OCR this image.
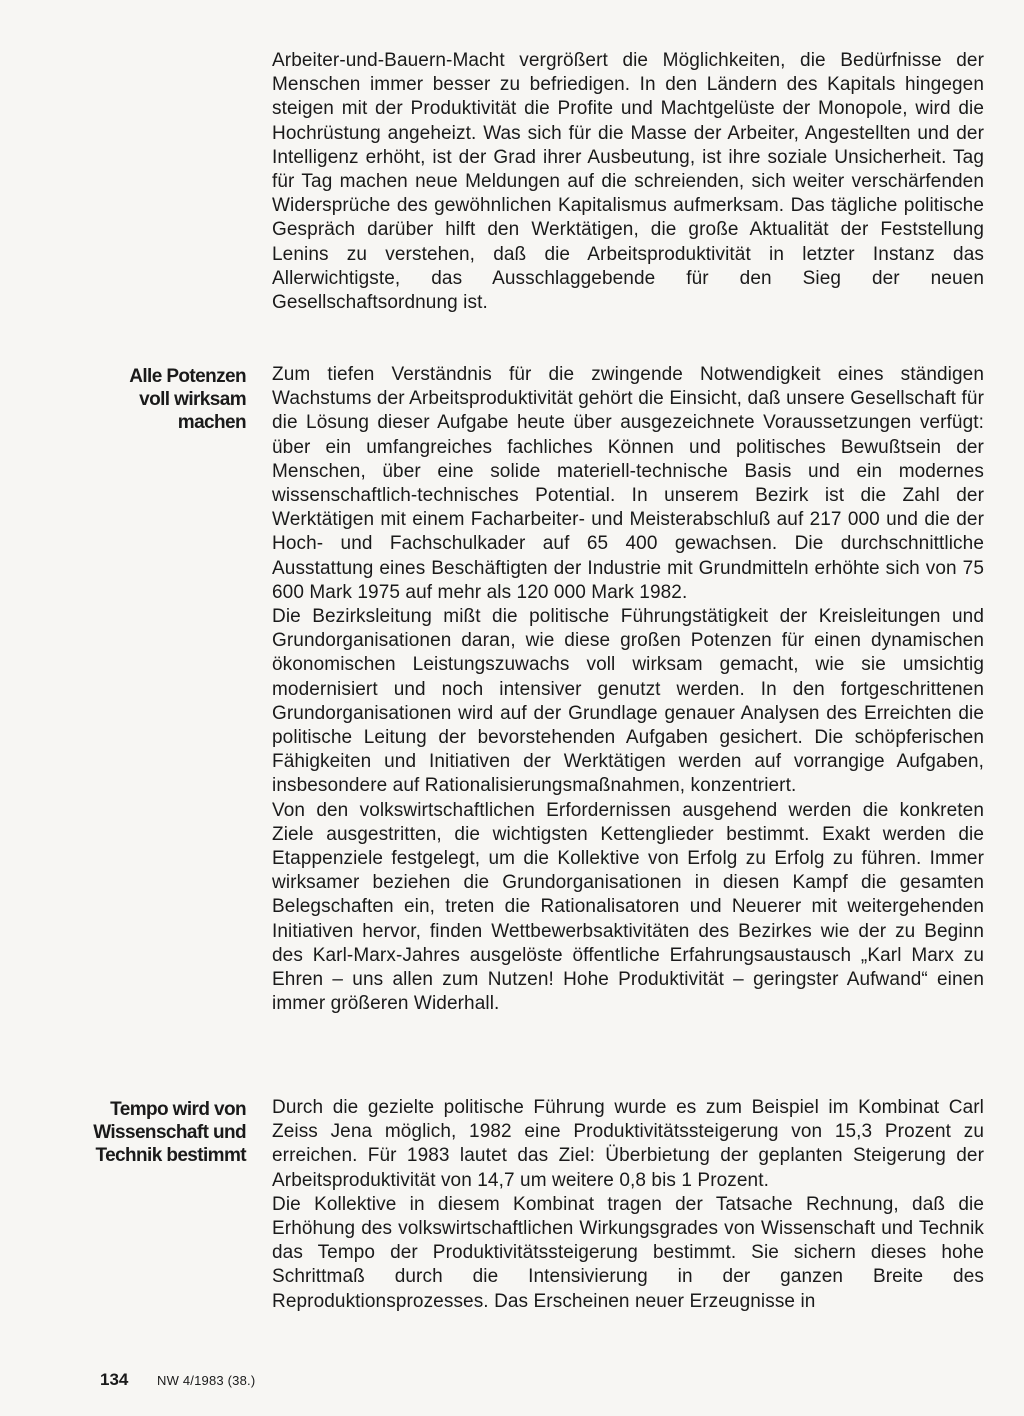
Arbeiter-und-Bauern-Macht vergrößert die Möglichkeiten, die Bedürfnisse der Menschen immer besser zu befriedigen. In den Ländern des Kapitals hingegen steigen mit der Produktivität die Profite und Machtgelüste der Monopole, wird die Hochrüstung angeheizt. Was sich für die Masse der Arbeiter, Angestellten und der Intelligenz erhöht, ist der Grad ihrer Ausbeutung, ist ihre soziale Unsicherheit. Tag für Tag machen neue Meldungen auf die schreienden, sich weiter verschärfenden Widersprüche des gewöhnlichen Kapitalismus aufmerksam. Das tägliche politische Gespräch darüber hilft den Werktätigen, die große Aktualität der Feststellung Lenins zu verstehen, daß die Arbeitsproduktivität in letzter Instanz das Allerwichtigste, das Ausschlaggebende für den Sieg der neuen Gesellschaftsordnung ist.

Alle Potenzen
voll wirksam
machen

Zum tiefen Verständnis für die zwingende Notwendigkeit eines ständigen Wachstums der Arbeitsproduktivität gehört die Einsicht, daß unsere Gesellschaft für die Lösung dieser Aufgabe heute über ausgezeichnete Voraussetzungen verfügt: über ein umfangreiches fachliches Können und politisches Bewußtsein der Menschen, über eine solide materiell-technische Basis und ein modernes wissenschaftlich-technisches Potential. In unserem Bezirk ist die Zahl der Werktätigen mit einem Facharbeiter- und Meisterabschluß auf 217 000 und die der Hoch- und Fachschulkader auf 65 400 gewachsen. Die durchschnittliche Ausstattung eines Beschäftigten der Industrie mit Grundmitteln erhöhte sich von 75 600 Mark 1975 auf mehr als 120 000 Mark 1982.

Die Bezirksleitung mißt die politische Führungstätigkeit der Kreisleitungen und Grundorganisationen daran, wie diese großen Potenzen für einen dynamischen ökonomischen Leistungszuwachs voll wirksam gemacht, wie sie umsichtig modernisiert und noch intensiver genutzt werden. In den fortgeschrittenen Grundorganisationen wird auf der Grundlage genauer Analysen des Erreichten die politische Leitung der bevorstehenden Aufgaben gesichert. Die schöpferischen Fähigkeiten und Initiativen der Werktätigen werden auf vorrangige Aufgaben, insbesondere auf Rationalisierungsmaßnahmen, konzentriert.

Von den volkswirtschaftlichen Erfordernissen ausgehend werden die konkreten Ziele ausgestritten, die wichtigsten Kettenglieder bestimmt. Exakt werden die Etappenziele festgelegt, um die Kollektive von Erfolg zu Erfolg zu führen. Immer wirksamer beziehen die Grundorganisationen in diesen Kampf die gesamten Belegschaften ein, treten die Rationalisatoren und Neuerer mit weitergehenden Initiativen hervor, finden Wettbewerbsaktivitäten des Bezirkes wie der zu Beginn des Karl-Marx-Jahres ausgelöste öffentliche Erfahrungsaustausch „Karl Marx zu Ehren – uns allen zum Nutzen! Hohe Produktivität – geringster Aufwand“ einen immer größeren Widerhall.

Tempo wird von
Wissenschaft und
Technik bestimmt

Durch die gezielte politische Führung wurde es zum Beispiel im Kombinat Carl Zeiss Jena möglich, 1982 eine Produktivitätssteigerung von 15,3 Prozent zu erreichen. Für 1983 lautet das Ziel: Überbietung der geplanten Steigerung der Arbeitsproduktivität von 14,7 um weitere 0,8 bis 1 Prozent.

Die Kollektive in diesem Kombinat tragen der Tatsache Rechnung, daß die Erhöhung des volkswirtschaftlichen Wirkungsgrades von Wissenschaft und Technik das Tempo der Produktivitätssteigerung bestimmt. Sie sichern dieses hohe Schrittmaß durch die Intensivierung in der ganzen Breite des Reproduktionsprozesses. Das Erscheinen neuer Erzeugnisse in

134 NW 4/1983 (38.)
